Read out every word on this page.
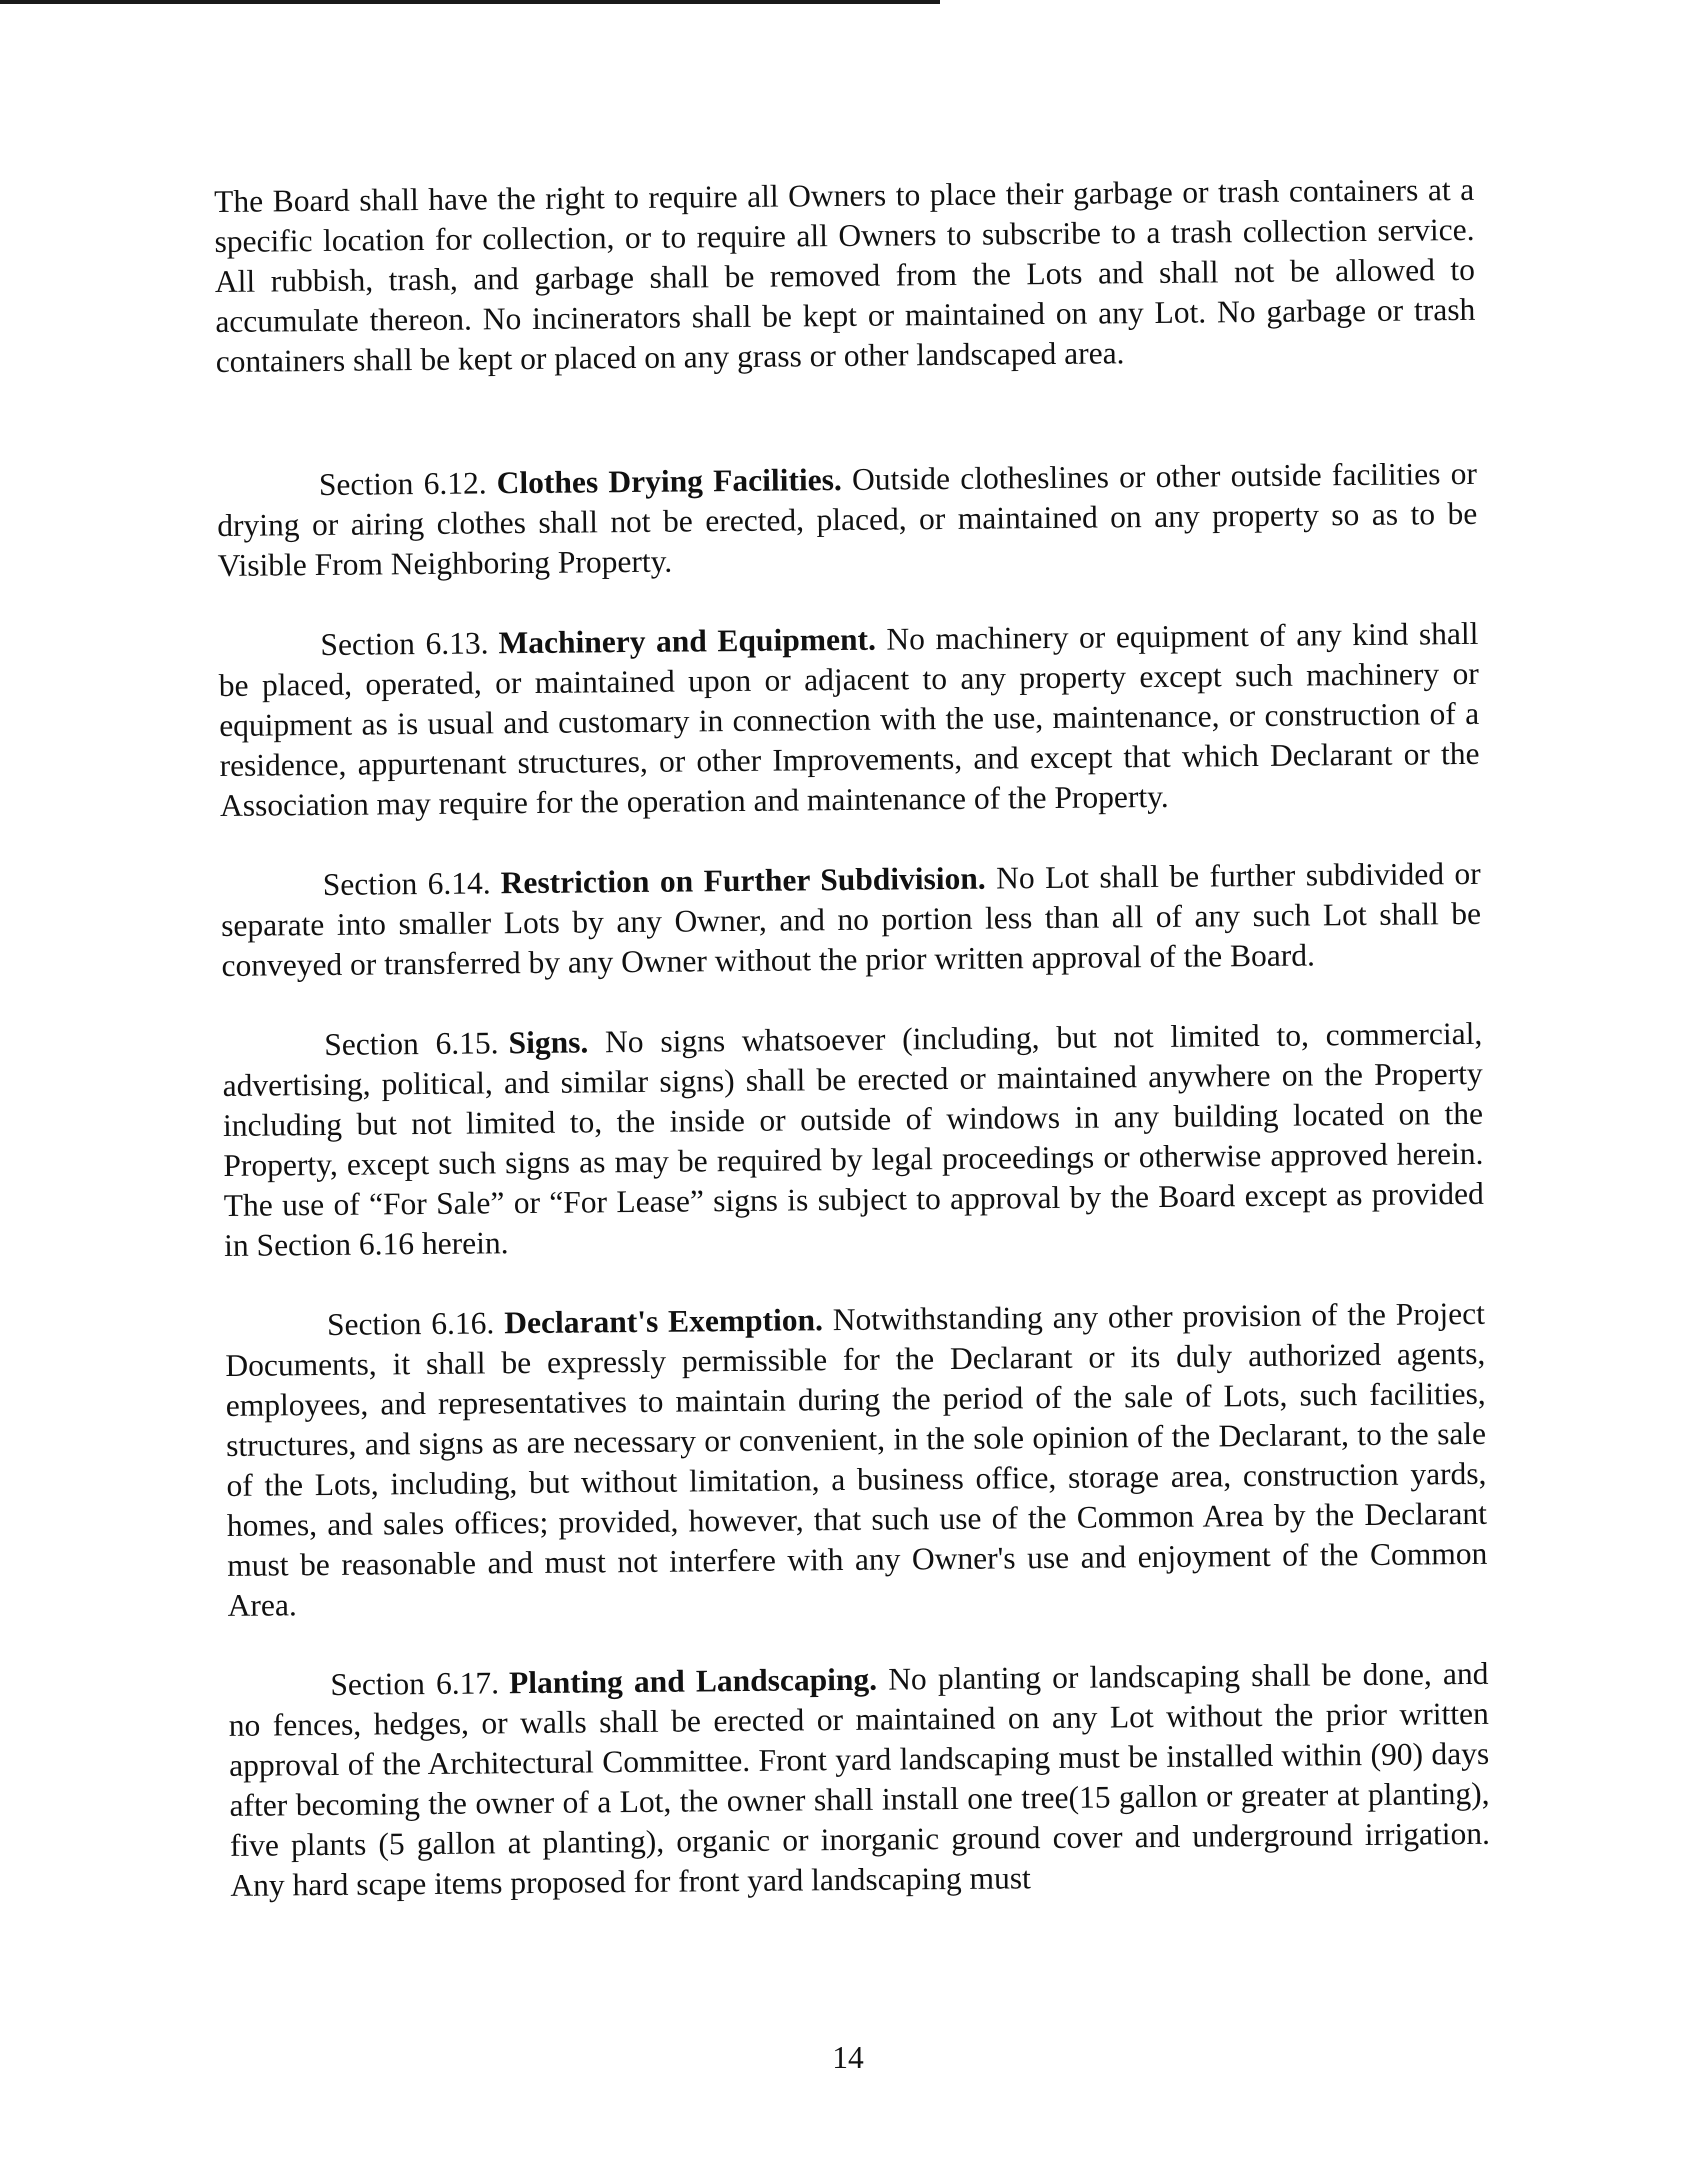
The Board shall have the right to require all Owners to place their garbage or trash containers at a specific location for collection, or to require all Owners to subscribe to a trash collection service. All rubbish, trash, and garbage shall be removed from the Lots and shall not be allowed to accumulate thereon. No incinerators shall be kept or maintained on any Lot. No garbage or trash containers shall be kept or placed on any grass or other landscaped area.

Section 6.12. Clothes Drying Facilities. Outside clotheslines or other outside facilities or drying or airing clothes shall not be erected, placed, or maintained on any property so as to be Visible From Neighboring Property.

Section 6.13. Machinery and Equipment. No machinery or equipment of any kind shall be placed, operated, or maintained upon or adjacent to any property except such machinery or equipment as is usual and customary in connection with the use, maintenance, or construction of a residence, appurtenant structures, or other Improvements, and except that which Declarant or the Association may require for the operation and maintenance of the Property.

Section 6.14. Restriction on Further Subdivision. No Lot shall be further subdivided or separate into smaller Lots by any Owner, and no portion less than all of any such Lot shall be conveyed or transferred by any Owner without the prior written approval of the Board.

Section 6.15. Signs. No signs whatsoever (including, but not limited to, commercial, advertising, political, and similar signs) shall be erected or maintained anywhere on the Property including but not limited to, the inside or outside of windows in any building located on the Property, except such signs as may be required by legal proceedings or otherwise approved herein. The use of “For Sale” or “For Lease” signs is subject to approval by the Board except as provided in Section 6.16 herein.

Section 6.16. Declarant's Exemption. Notwithstanding any other provision of the Project Documents, it shall be expressly permissible for the Declarant or its duly authorized agents, employees, and representatives to maintain during the period of the sale of Lots, such facilities, structures, and signs as are necessary or convenient, in the sole opinion of the Declarant, to the sale of the Lots, including, but without limitation, a business office, storage area, construction yards, homes, and sales offices; provided, however, that such use of the Common Area by the Declarant must be reasonable and must not interfere with any Owner's use and enjoyment of the Common Area.

Section 6.17. Planting and Landscaping. No planting or landscaping shall be done, and no fences, hedges, or walls shall be erected or maintained on any Lot without the prior written approval of the Architectural Committee. Front yard landscaping must be installed within (90) days after becoming the owner of a Lot, the owner shall install one tree(15 gallon or greater at planting), five plants (5 gallon at planting), organic or inorganic ground cover and underground irrigation. Any hard scape items proposed for front yard landscaping must

14
